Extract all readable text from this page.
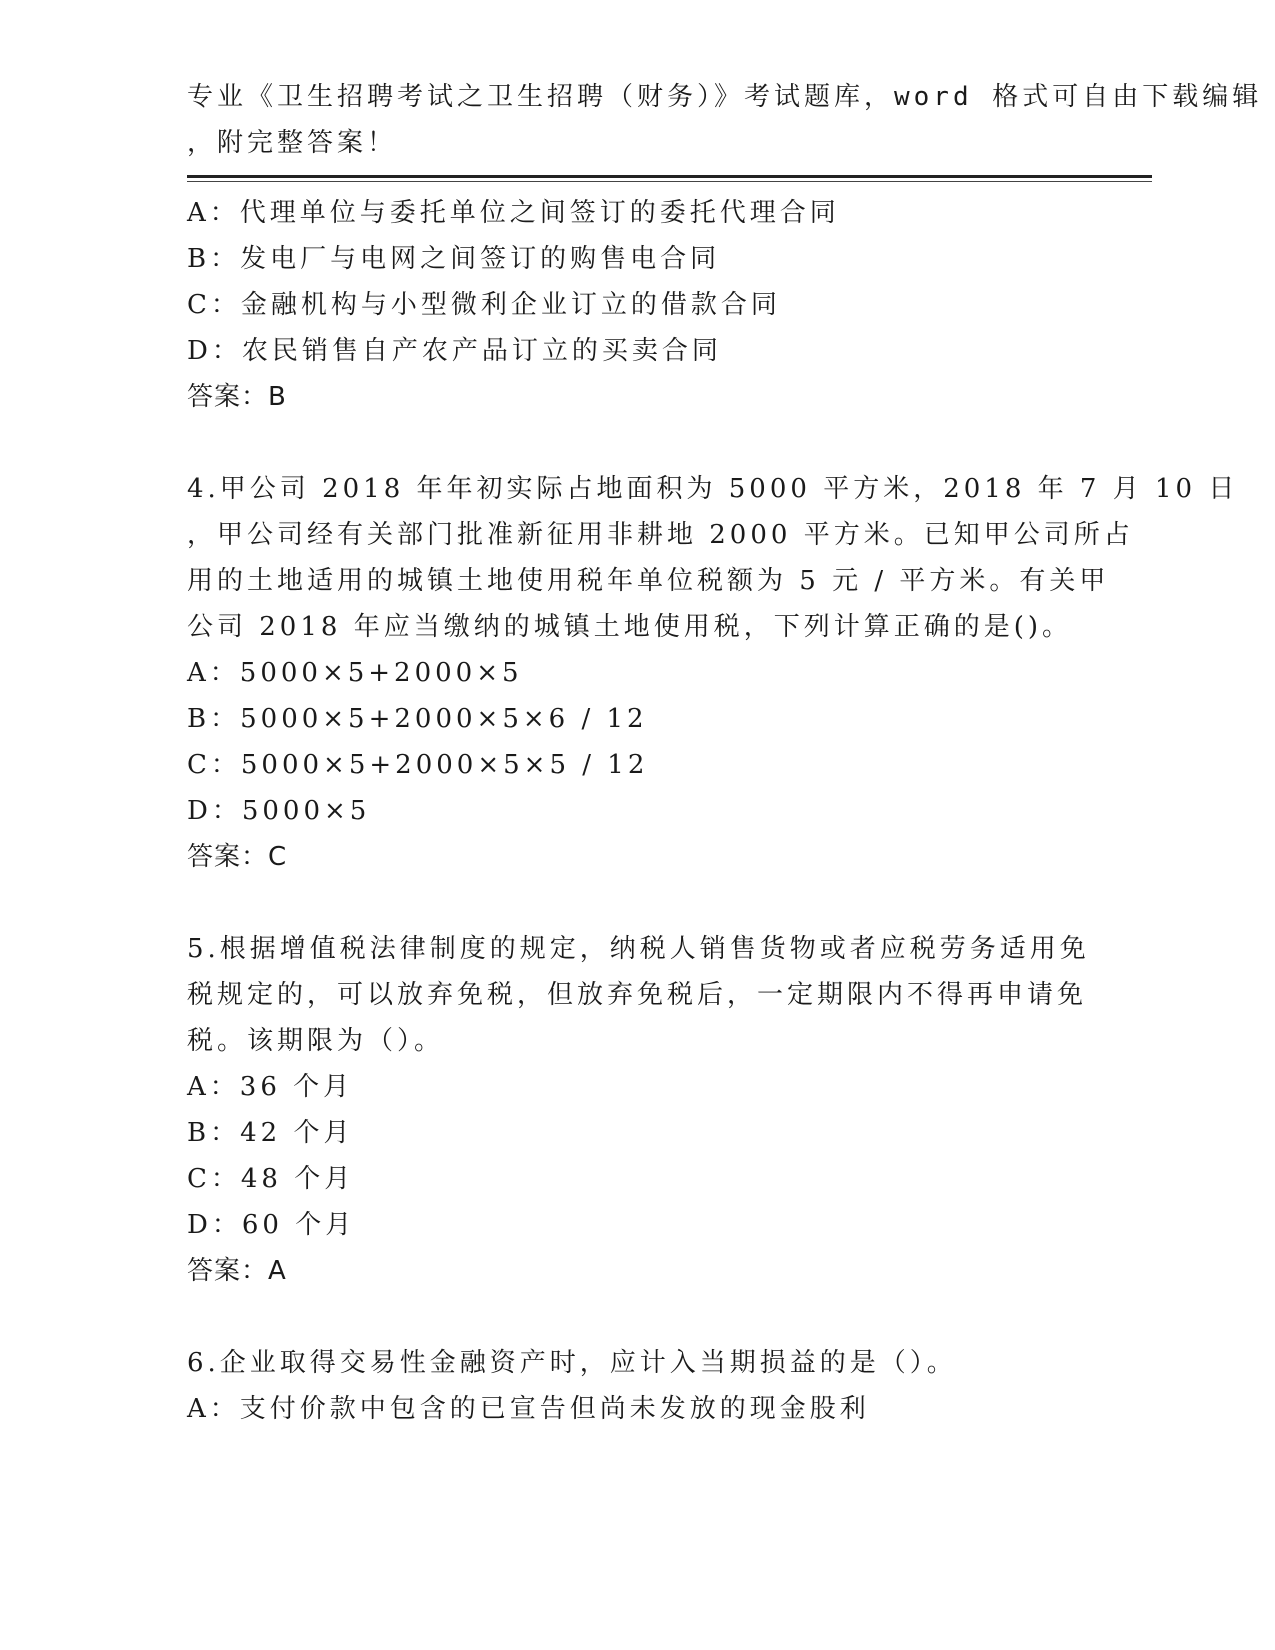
专业《卫生招聘考试之卫生招聘（财务）》考试题库，word 格式可自由下载编辑
，附完整答案！
A：代理单位与委托单位之间签订的委托代理合同
B：发电厂与电网之间签订的购售电合同
C：金融机构与小型微利企业订立的借款合同
D：农民销售自产农产品订立的买卖合同
答案：B
4.甲公司 2018 年年初实际占地面积为 5000 平方米，2018 年 7 月 10 日
，甲公司经有关部门批准新征用非耕地 2000 平方米。已知甲公司所占
用的土地适用的城镇土地使用税年单位税额为 5 元 / 平方米。有关甲
公司 2018 年应当缴纳的城镇土地使用税，下列计算正确的是()。
A：5000×5+2000×5
B：5000×5+2000×5×6 / 12
C：5000×5+2000×5×5 / 12
D：5000×5
答案：C
5.根据增值税法律制度的规定，纳税人销售货物或者应税劳务适用免
税规定的，可以放弃免税，但放弃免税后，一定期限内不得再申请免
税。该期限为（）。
A：36 个月
B：42 个月
C：48 个月
D：60 个月
答案：A
6.企业取得交易性金融资产时，应计入当期损益的是（）。
A：支付价款中包含的已宣告但尚未发放的现金股利
